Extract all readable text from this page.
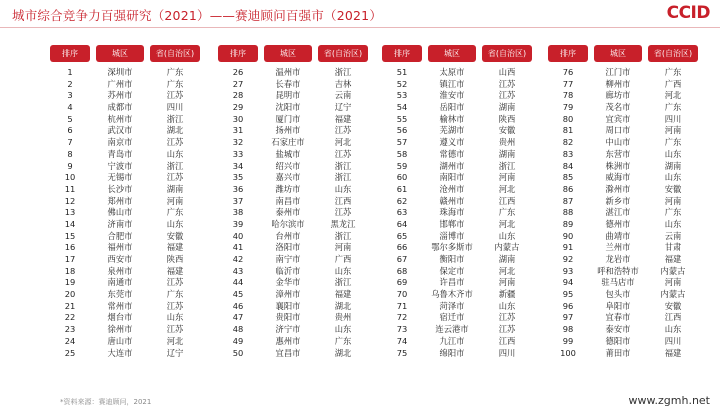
城市综合竞争力百强研究（2021）——赛迪顾问百强市（2021）	CCID
排序	城区	省(自治区)
1	深圳市	广东
2	广州市	广东
3	苏州市	江苏
4	成都市	四川
5	杭州市	浙江
6	武汉市	湖北
7	南京市	江苏
8	青岛市	山东
9	宁波市	浙江
10	无锡市	江苏
11	长沙市	湖南
12	郑州市	河南
13	佛山市	广东
14	济南市	山东
15	合肥市	安徽
16	福州市	福建
17	西安市	陕西
18	泉州市	福建
19	南通市	江苏
20	东莞市	广东
21	常州市	江苏
22	烟台市	山东
23	徐州市	江苏
24	唐山市	河北
25	大连市	辽宁
排序	城区	省(自治区)
26	温州市	浙江
27	长春市	吉林
28	昆明市	云南
29	沈阳市	辽宁
30	厦门市	福建
31	扬州市	江苏
32	石家庄市	河北
33	盐城市	江苏
34	绍兴市	浙江
35	嘉兴市	浙江
36	潍坊市	山东
37	南昌市	江西
38	泰州市	江苏
39	哈尔滨市	黑龙江
40	台州市	浙江
41	洛阳市	河南
42	南宁市	广西
43	临沂市	山东
44	金华市	浙江
45	漳州市	福建
46	襄阳市	湖北
47	贵阳市	贵州
48	济宁市	山东
49	惠州市	广东
50	宜昌市	湖北
排序	城区	省(自治区)
51	太原市	山西
52	镇江市	江苏
53	淮安市	江苏
54	岳阳市	湖南
55	榆林市	陕西
56	芜湖市	安徽
57	遵义市	贵州
58	常德市	湖南
59	湖州市	浙江
60	南阳市	河南
61	沧州市	河北
62	赣州市	江西
63	珠海市	广东
64	邯郸市	河北
65	淄博市	山东
66	鄂尔多斯市	内蒙古
67	衡阳市	湖南
68	保定市	河北
69	许昌市	河南
70	乌鲁木齐市	新疆
71	菏泽市	山东
72	宿迁市	江苏
73	连云港市	江苏
74	九江市	江西
75	绵阳市	四川
排序	城区	省(自治区)
76	江门市	广东
77	柳州市	广西
78	廊坊市	河北
79	茂名市	广东
80	宜宾市	四川
81	周口市	河南
82	中山市	广东
83	东营市	山东
84	株洲市	湖南
85	威海市	山东
86	滁州市	安徽
87	新乡市	河南
88	湛江市	广东
89	德州市	山东
90	曲靖市	云南
91	兰州市	甘肃
92	龙岩市	福建
93	呼和浩特市	内蒙古
94	驻马店市	河南
95	包头市	内蒙古
96	阜阳市	安徽
97	宜春市	江西
98	泰安市	山东
99	德阳市	四川
100	莆田市	福建
*资料来源：赛迪顾问，2021	www.zgmh.net
